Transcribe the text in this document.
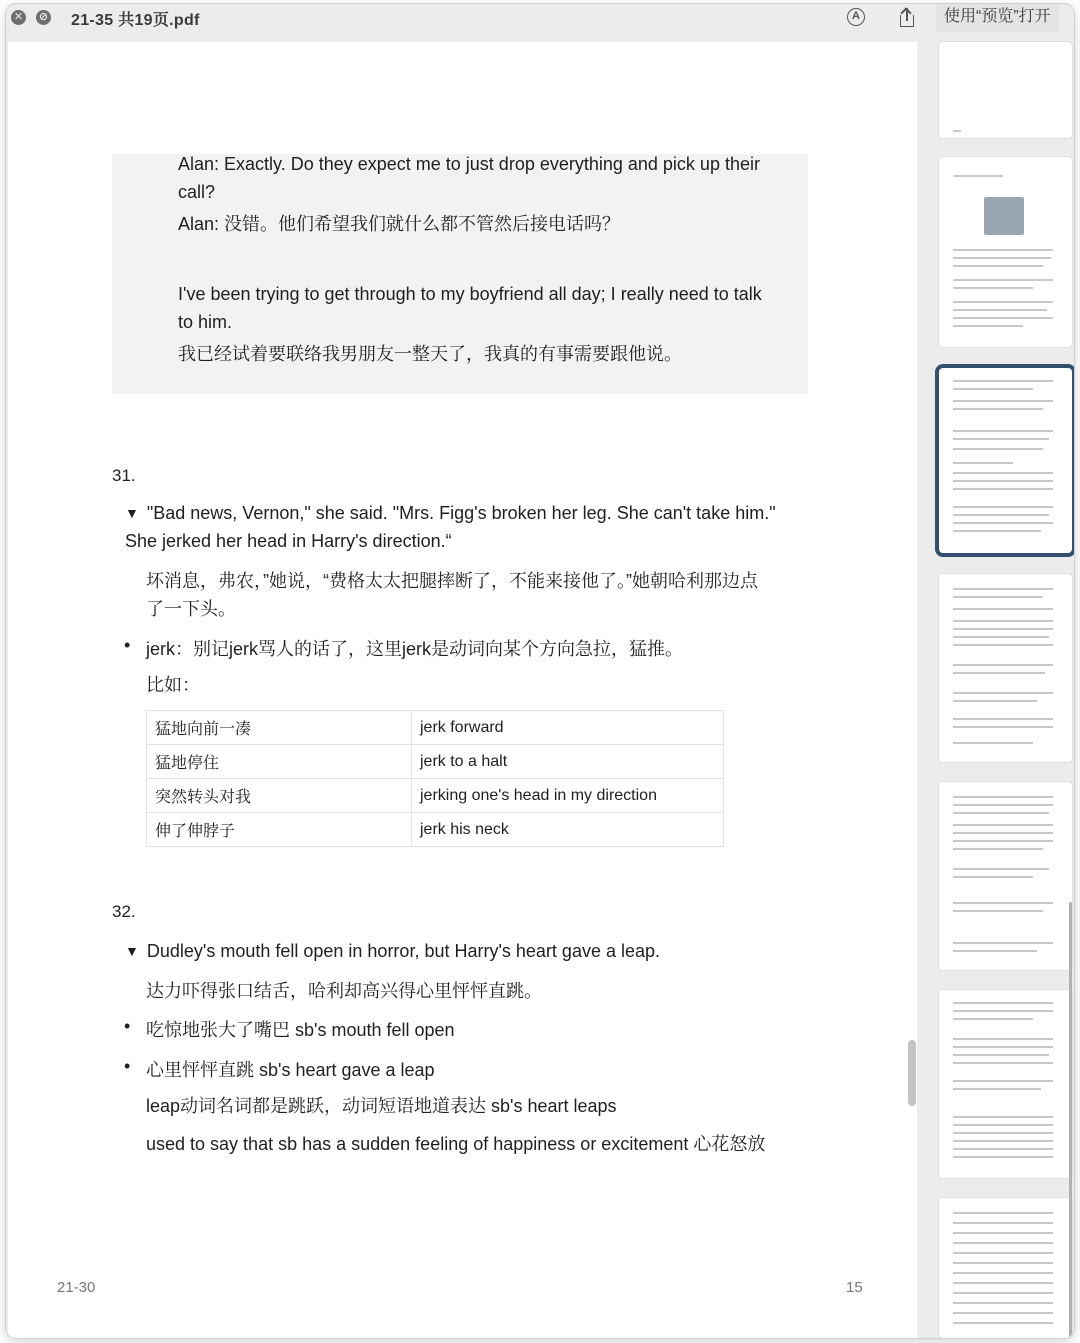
✕ ⊘ 21-35 共19页.pdf	A	使用“预览”打开
Alan: Exactly. Do they expect me to just drop everything and pick up their
call?
Alan: 没错。他们希望我们就什么都不管然后接电话吗？
I've been trying to get through to my boyfriend all day; I really need to talk
to him.
我已经试着要联络我男朋友一整天了，我真的有事需要跟他说。
31.
▼ "Bad news, Vernon," she said. "Mrs. Figg's broken her leg. She can't take him."
She jerked her head in Harry's direction.“
坏消息，弗农，”她说，“费格太太把腿摔断了，不能来接他了。”她朝哈利那边点
了一下头。
• jerk：别记jerk骂人的话了，这里jerk是动词向某个方向急拉，猛推。
比如：
猛地向前一凑	jerk forward
猛地停住	jerk to a halt
突然转头对我	jerking one's head in my direction
伸了伸脖子	jerk his neck
32.
▼ Dudley's mouth fell open in horror, but Harry's heart gave a leap.
达力吓得张口结舌，哈利却高兴得心里怦怦直跳。
• 吃惊地张大了嘴巴 sb's mouth fell open
• 心里怦怦直跳 sb's heart gave a leap
leap动词名词都是跳跃，动词短语地道表达 sb's heart leaps
used to say that sb has a sudden feeling of happiness or excitement 心花怒放
21-30	15
